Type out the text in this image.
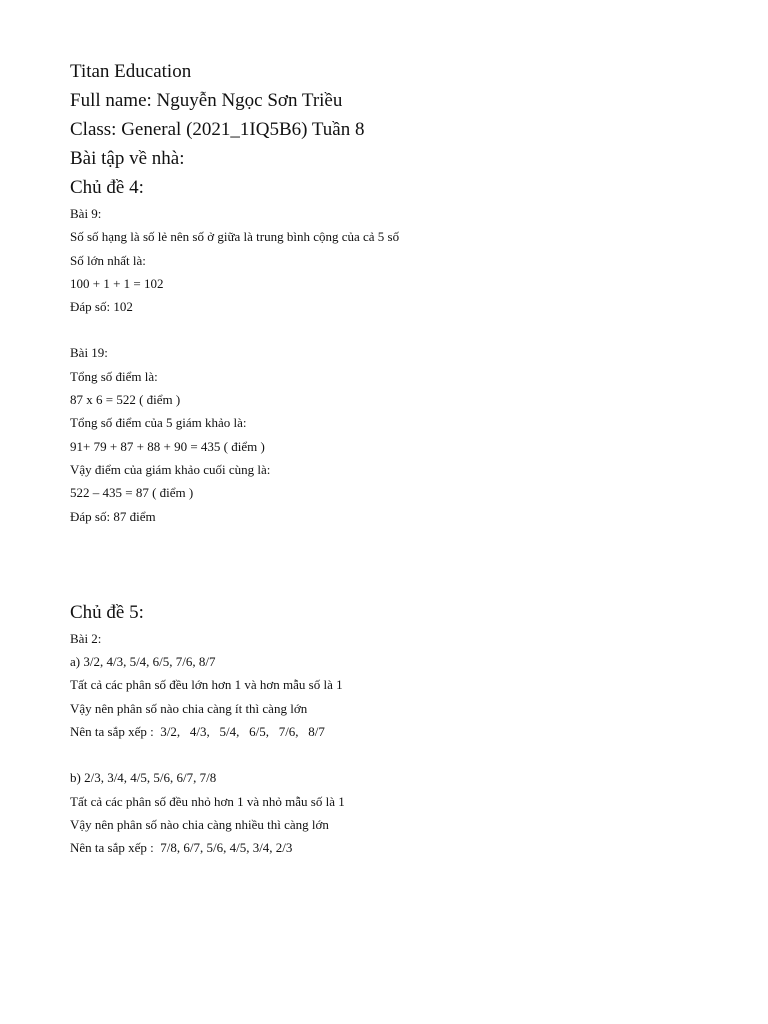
Titan Education

Full name: Nguyễn Ngọc Sơn Triều

Class: General (2021_1IQ5B6) Tuần 8

Bài tập về nhà:

Chủ đề 4:

Bài 9:

Số số hạng là số lẻ nên số ở giữa là trung bình cộng của cả 5 số

Số lớn nhất là:

100 + 1 + 1 = 102

Đáp số: 102

Bài 19:

Tổng số điểm là:

87 x 6 = 522 ( điểm )

Tổng số điểm của 5 giám khảo là:

91+ 79 + 87 + 88 + 90 = 435 ( điểm )

Vậy điểm của giám khảo cuối cùng là:

522 – 435 = 87 ( điểm )

Đáp số: 87 điểm

Chủ đề 5:

Bài 2:

a) 3/2, 4/3, 5/4, 6/5, 7/6, 8/7

Tất cả các phân số đều lớn hơn 1 và hơn mẫu số là 1

Vậy nên phân số nào chia càng ít thì càng lớn

Nên ta sắp xếp :  3/2,   4/3,   5/4,   6/5,   7/6,   8/7

b) 2/3, 3/4, 4/5, 5/6, 6/7, 7/8

Tất cả các phân số đều nhỏ hơn 1 và nhỏ mẫu số là 1

Vậy nên phân số nào chia càng nhiều thì càng lớn

Nên ta sắp xếp :  7/8, 6/7, 5/6, 4/5, 3/4, 2/3
